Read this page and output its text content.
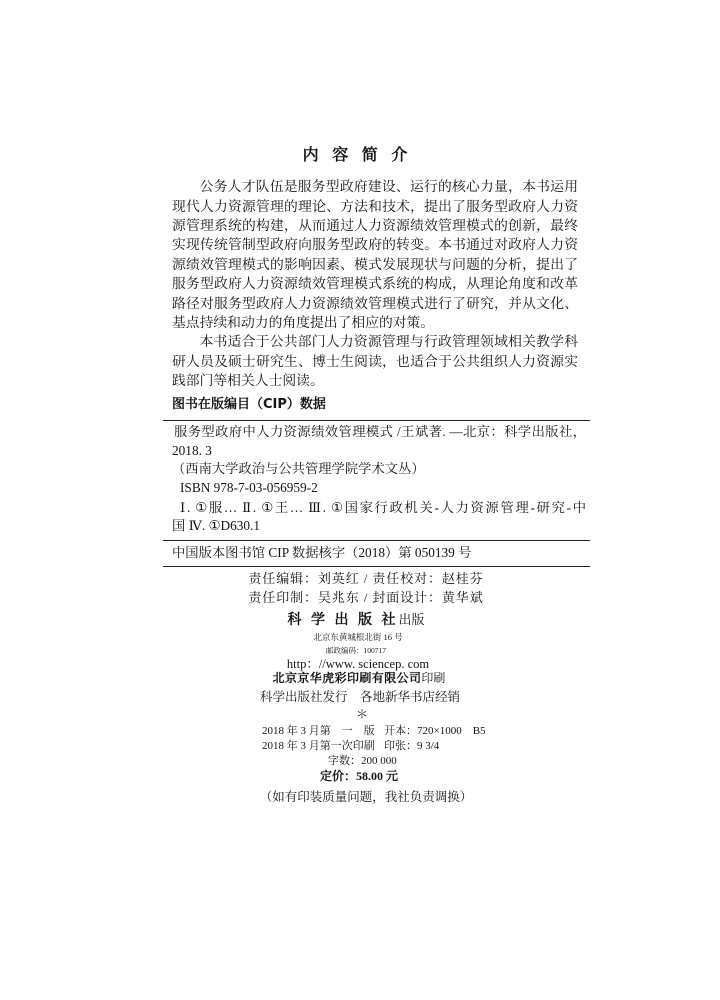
内 容 简 介
公务人才队伍是服务型政府建设、运行的核心力量，本书运用
现代人力资源管理的理论、方法和技术，提出了服务型政府人力资
源管理系统的构建，从而通过人力资源绩效管理模式的创新，最终
实现传统管制型政府向服务型政府的转变。本书通过对政府人力资
源绩效管理模式的影响因素、模式发展现状与问题的分析，提出了
服务型政府人力资源绩效管理模式系统的构成，从理论角度和改革
路径对服务型政府人力资源绩效管理模式进行了研究，并从文化、
基点持续和动力的角度提出了相应的对策。
本书适合于公共部门人力资源管理与行政管理领域相关教学科
研人员及硕士研究生、博士生阅读，也适合于公共组织人力资源实
践部门等相关人士阅读。
图书在版编目（CIP）数据
服务型政府中人力资源绩效管理模式 /王斌著. —北京：科学出版社，
2018. 3
（西南大学政治与公共管理学院学术文丛）
ISBN 978-7-03-056959-2
Ⅰ. ①服… Ⅱ. ①王… Ⅲ. ①国家行政机关-人力资源管理-研究-中
国 Ⅳ. ①D630.1
中国版本图书馆 CIP 数据核字（2018）第 050139 号
责任编辑：刘英红 / 责任校对：赵桂芬
责任印制：吴兆东 / 封面设计：黄华斌
科 学 出 版 社出版
北京东黄城根北街 16 号
邮政编码：100717
http：//www. sciencep. com
北京京华虎彩印刷有限公司印刷
科学出版社发行　各地新华书店经销
＊
2018 年 3 月第　一　版 开本：720×1000　B5
2018 年 3 月第一次印刷 印张：9 3/4
字数：200 000
定价：58.00 元
（如有印装质量问题，我社负责调换）
